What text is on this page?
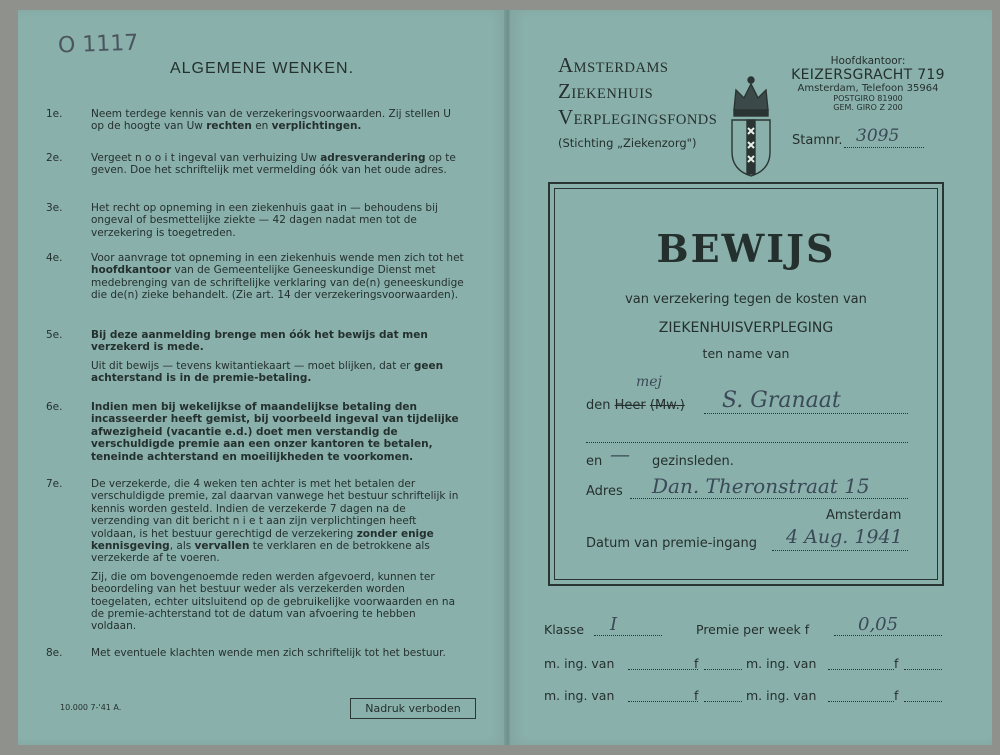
O 1117
ALGEMENE WENKEN.
1e.	Neem terdege kennis van de verzekeringsvoorwaarden. Zij stellen U op de hoogte van Uw rechten en verplichtingen.

2e.	Vergeet n o o i t ingeval van verhuizing Uw adresverandering op te geven. Doe het schriftelijk met vermelding óók van het oude adres.

3e.	Het recht op opneming in een ziekenhuis gaat in — behoudens bij ongeval of besmettelijke ziekte — 42 dagen nadat men tot de verzekering is toegetreden.

4e.	Voor aanvrage tot opneming in een ziekenhuis wende men zich tot het hoofdkantoor van de Gemeentelijke Geneeskundige Dienst met medebrenging van de schriftelijke verklaring van de(n) geneeskundige die de(n) zieke behandelt. (Zie art. 14 der verzekeringsvoorwaarden).

5e.	Bij deze aanmelding brenge men óók het bewijs dat men verzekerd is mede.

Uit dit bewijs — tevens kwitantiekaart — moet blijken, dat er geen achterstand is in de premie-betaling.

6e.	Indien men bij wekelijkse of maandelijkse betaling den incasseerder heeft gemist, bij voorbeeld ingeval van tijdelijke afwezigheid (vacantie e.d.) doet men verstandig de verschuldigde premie aan een onzer kantoren te betalen, teneinde achterstand en moeilijkheden te voorkomen.

7e.	De verzekerde, die 4 weken ten achter is met het betalen der verschuldigde premie, zal daarvan vanwege het bestuur schriftelijk in kennis worden gesteld. Indien de verzekerde 7 dagen na de verzending van dit bericht n i e t aan zijn verplichtingen heeft voldaan, is het bestuur gerechtigd de verzekering zonder enige kennisgeving, als vervallen te verklaren en de betrokkene als verzekerde af te voeren.

Zij, die om bovengenoemde reden werden afgevoerd, kunnen ter beoordeling van het bestuur weder als verzekerden worden toegelaten, echter uitsluitend op de gebruikelijke voorwaarden en na de premie-achterstand tot de datum van afvoering te hebben voldaan.

8e.	Met eventuele klachten wende men zich schriftelijk tot het bestuur.

10.000 7-'41 A.	Nadruk verboden
AMSTERDAMS
ZIEKENHUIS
VERPLEGINGSFONDS
(Stichting „Ziekenzorg")
Hoofdkantoor:
KEIZERSGRACHT 719
Amsterdam, Telefoon 35964
POSTGIRO 81900
GEM. GIRO Z 200
Stamnr. 3095
BEWIJS
van verzekering tegen de kosten van
ZIEKENHUISVERPLEGING
ten name van
den Heer (Mw.)
mej
S. Granaat
en — gezinsleden.
Adres Dan. Theronstraat 15
Amsterdam
Datum van premie-ingang 4 Aug. 1941
Klasse I	Premie per week f	0,05
m. ing. van	f	m. ing. van	f
m. ing. van	f	m. ing. van	f
